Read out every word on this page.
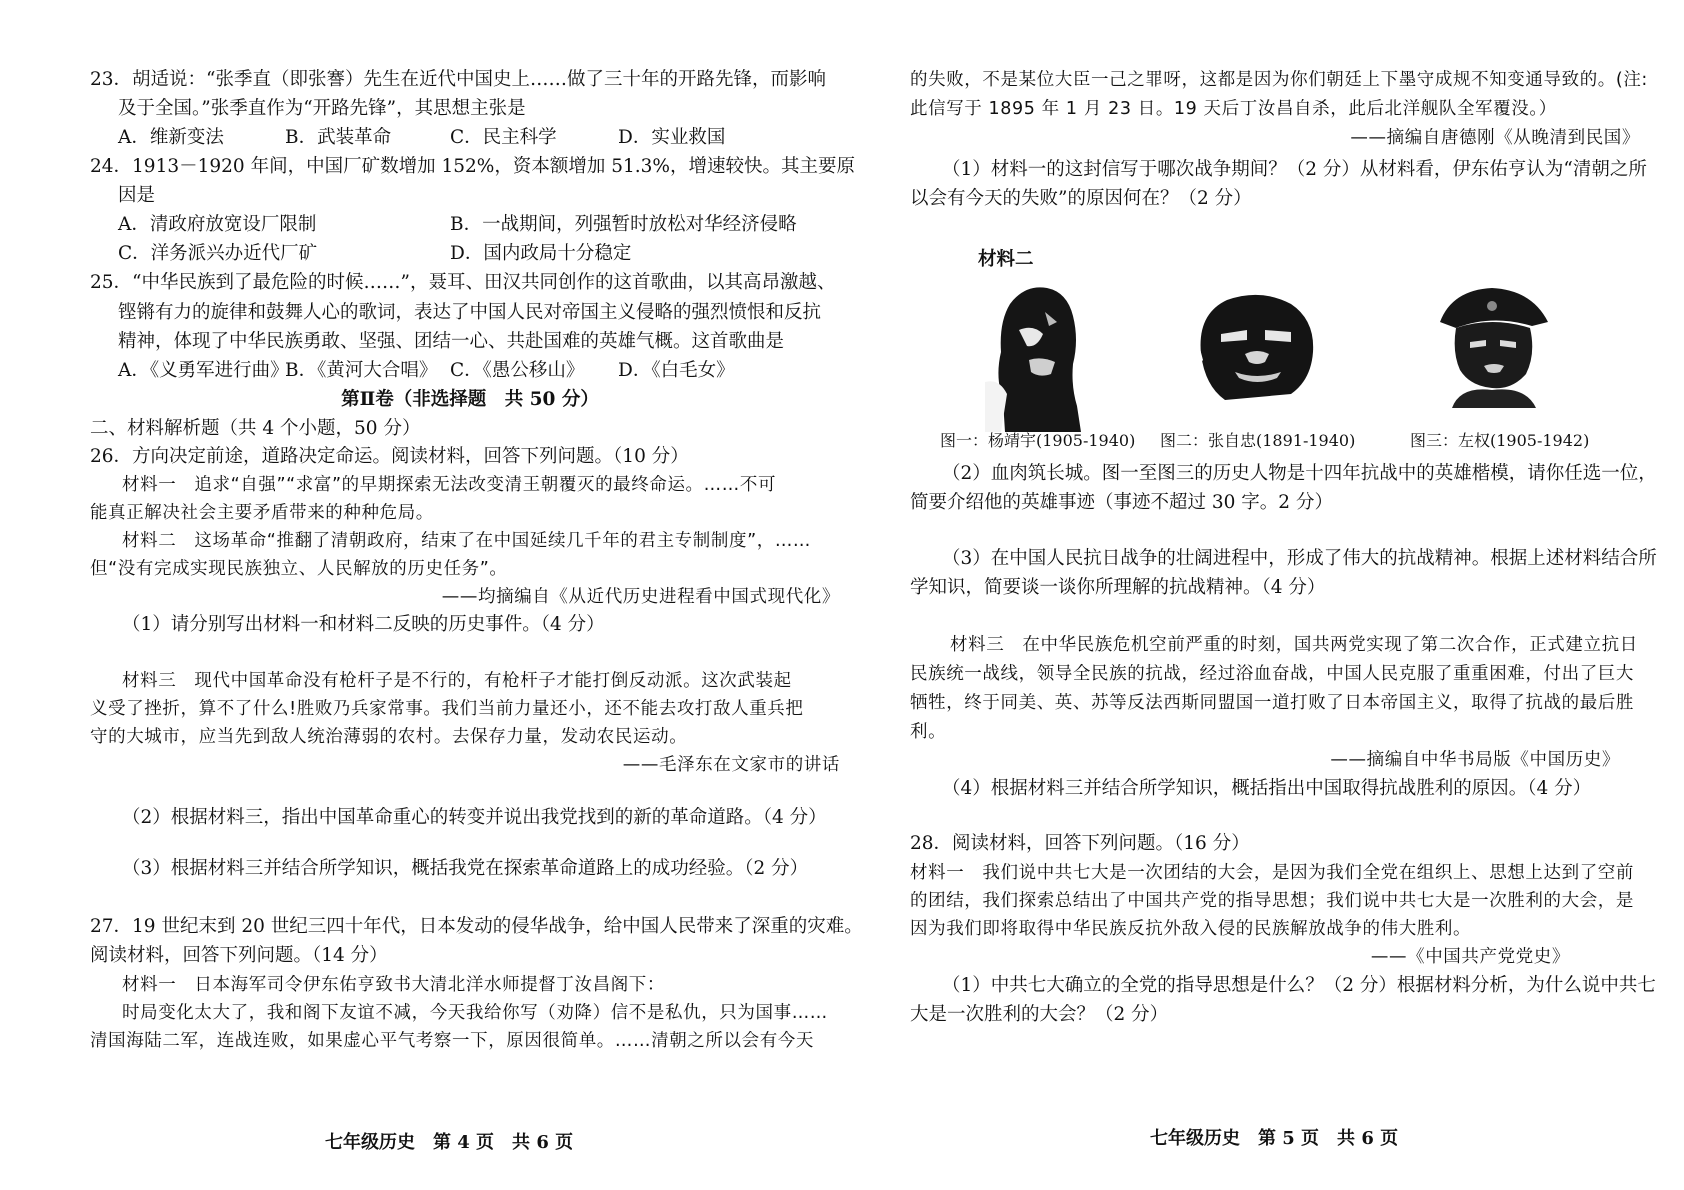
23．胡适说：“张季直（即张謇）先生在近代中国史上……做了三十年的开路先锋，而影响
及于全国。”张季直作为“开路先锋”，其思想主张是
A．维新变法	B．武装革命	C．民主科学	D．实业救国
24．1913－1920 年间，中国厂矿数增加 152%，资本额增加 51.3%，增速较快。其主要原
因是
A．清政府放宽设厂限制	B．一战期间，列强暂时放松对华经济侵略
C．洋务派兴办近代厂矿	D．国内政局十分稳定
25．“中华民族到了最危险的时候……”，聂耳、田汉共同创作的这首歌曲，以其高昂激越、
铿锵有力的旋律和鼓舞人心的歌词，表达了中国人民对帝国主义侵略的强烈愤恨和反抗
精神，体现了中华民族勇敢、坚强、团结一心、共赴国难的英雄气概。这首歌曲是
A．《义勇军进行曲》
B．《黄河大合唱》 C．《愚公移山》 D．《白毛女》
第Ⅱ卷（非选择题　共 50 分）
二、材料解析题（共 4 个小题，50 分）
26．方向决定前途，道路决定命运。阅读材料，回答下列问题。（10 分）
材料一　追求“自强”“求富”的早期探索无法改变清王朝覆灭的最终命运。……不可
能真正解决社会主要矛盾带来的种种危局。
材料二　这场革命“推翻了清朝政府，结束了在中国延续几千年的君主专制制度”，……
但“没有完成实现民族独立、人民解放的历史任务”。
——均摘编自《从近代历史进程看中国式现代化》
（1）请分别写出材料一和材料二反映的历史事件。（4 分）
材料三　现代中国革命没有枪杆子是不行的，有枪杆子才能打倒反动派。这次武装起
义受了挫折，算不了什么!胜败乃兵家常事。我们当前力量还小，还不能去攻打敌人重兵把
守的大城市，应当先到敌人统治薄弱的农村。去保存力量，发动农民运动。
——毛泽东在文家市的讲话
（2）根据材料三，指出中国革命重心的转变并说出我党找到的新的革命道路。（4 分）
（3）根据材料三并结合所学知识，概括我党在探索革命道路上的成功经验。（2 分）
27．19 世纪末到 20 世纪三四十年代，日本发动的侵华战争，给中国人民带来了深重的灾难。
阅读材料，回答下列问题。（14 分）
材料一　日本海军司令伊东佑亨致书大清北洋水师提督丁汝昌阁下：
时局变化太大了，我和阁下友谊不减，今天我给你写（劝降）信不是私仇，只为国事……
清国海陆二军，连战连败，如果虚心平气考察一下，原因很简单。……清朝之所以会有今天
七年级历史　第 4 页　共 6 页
的失败，不是某位大臣一己之罪呀，这都是因为你们朝廷上下墨守成规不知变通导致的。(注:
此信写于 1895 年 1 月 23 日。19 天后丁汝昌自杀，此后北洋舰队全军覆没。）
——摘编自唐德刚《从晚清到民国》
（1）材料一的这封信写于哪次战争期间？（2 分）从材料看，伊东佑亨认为“清朝之所
以会有今天的失败”的原因何在？（2 分）
材料二
图一：杨靖宇(1905-1940) 图二：张自忠(1891-1940)	图三：左权(1905-1942)
（2）血肉筑长城。图一至图三的历史人物是十四年抗战中的英雄楷模，请你任选一位，
简要介绍他的英雄事迹（事迹不超过 30 字。2 分）
（3）在中国人民抗日战争的壮阔进程中，形成了伟大的抗战精神。根据上述材料结合所
学知识，简要谈一谈你所理解的抗战精神。（4 分）
材料三　在中华民族危机空前严重的时刻，国共两党实现了第二次合作，正式建立抗日
民族统一战线，领导全民族的抗战，经过浴血奋战，中国人民克服了重重困难，付出了巨大
牺牲，终于同美、英、苏等反法西斯同盟国一道打败了日本帝国主义，取得了抗战的最后胜
利。
——摘编自中华书局版《中国历史》
（4）根据材料三并结合所学知识，概括指出中国取得抗战胜利的原因。（4 分）
28．阅读材料，回答下列问题。（16 分）
材料一　我们说中共七大是一次团结的大会，是因为我们全党在组织上、思想上达到了空前
的团结，我们探索总结出了中国共产党的指导思想；我们说中共七大是一次胜利的大会，是
因为我们即将取得中华民族反抗外敌入侵的民族解放战争的伟大胜利。
——《中国共产党党史》
（1）中共七大确立的全党的指导思想是什么？（2 分）根据材料分析，为什么说中共七
大是一次胜利的大会？（2 分）
七年级历史　第 5 页　共 6 页
